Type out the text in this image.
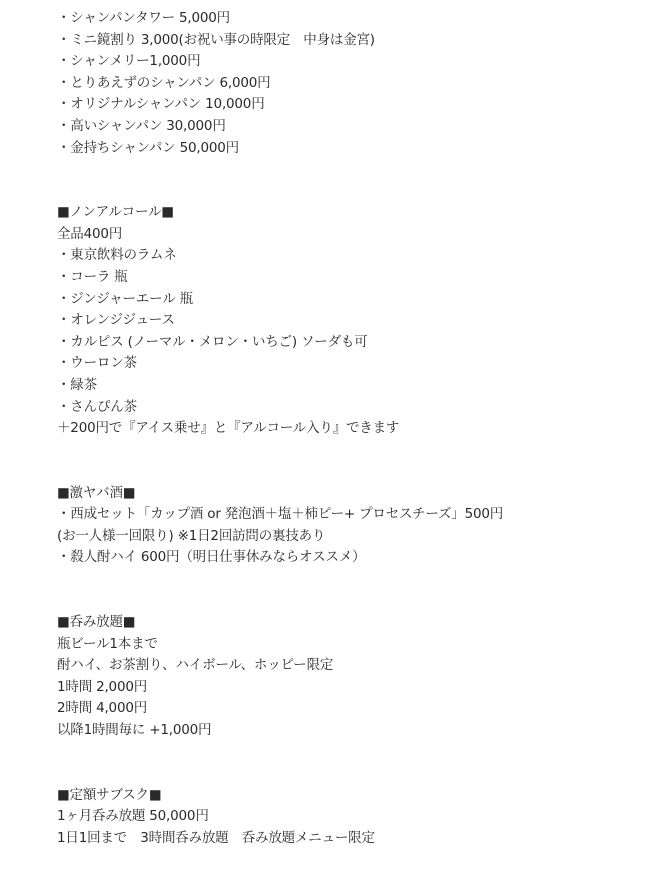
・シャンパンタワー 5,000円
・ミニ鏡割り 3,000(お祝い事の時限定　中身は金宮)
・シャンメリー1,000円
・とりあえずのシャンパン 6,000円
・オリジナルシャンパン 10,000円
・高いシャンパン 30,000円
・金持ちシャンパン 50,000円
■ノンアルコール■
全品400円
・東京飲料のラムネ
・コーラ 瓶
・ジンジャーエール 瓶
・オレンジジュース
・カルピス (ノーマル・メロン・いちご) ソーダも可
・ウーロン茶
・緑茶
・さんぴん茶
＋200円で『アイス乗せ』と『アルコール入り』できます
■激ヤバ酒■
・西成セット「カップ酒 or 発泡酒＋塩＋柿ピー+ プロセスチーズ」500円
(お一人様一回限り) ※1日2回訪問の裏技あり
・殺人酎ハイ 600円（明日仕事休みならオススメ）
■呑み放題■
瓶ビール1本まで
酎ハイ、お茶割り、ハイボール、ホッピー限定
1時間 2,000円
2時間 4,000円
以降1時間毎に +1,000円
■定額サブスク■
1ヶ月呑み放題 50,000円
1日1回まで　3時間呑み放題　呑み放題メニュー限定
